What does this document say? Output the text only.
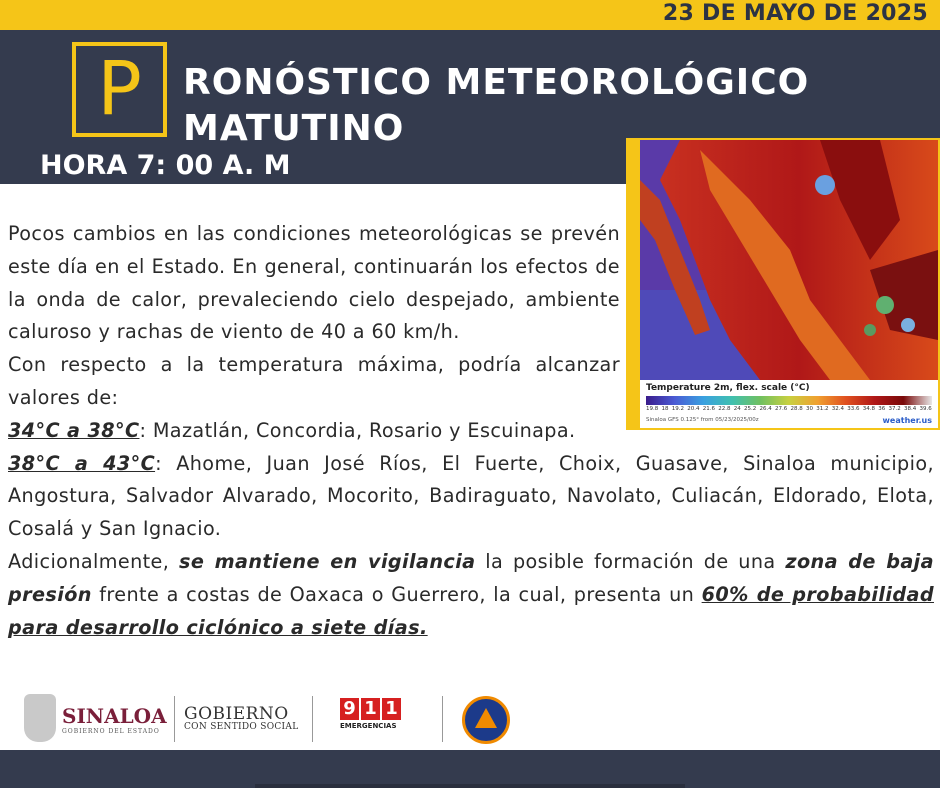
23 DE MAYO DE 2025
P	RONÓSTICO METEOROLÓGICO
MATUTINO
HORA 7: 00 A. M
Temperature 2m, flex. scale (°C)
19.8 18 19.2 20.4 21.6 22.8 24 25.2 26.4 27.6 28.8 30 31.2 32.4 33.6 34.8 36 37.2 38.4 39.6
Sinaloa GFS 0.125° from 05/23/2025/00z	weather.us

Pocos cambios en las condiciones meteorológicas se prevén este día en el Estado. En general, continuarán los efectos de la onda de calor, prevaleciendo cielo despejado, ambiente caluroso y rachas de viento de 40 a 60 km/h.

Con respecto a la temperatura máxima, podría alcanzar valores de:

34°C a 38°C: Mazatlán, Concordia, Rosario y Escuinapa.

38°C a 43°C: Ahome, Juan José Ríos, El Fuerte, Choix, Guasave, Sinaloa municipio, Angostura, Salvador Alvarado, Mocorito, Badiraguato, Navolato, Culiacán, Eldorado, Elota, Cosalá y San Ignacio.

Adicionalmente, se mantiene en vigilancia la posible formación de una zona de baja presión frente a costas de Oaxaca o Guerrero, la cual, presenta un 60% de probabilidad para desarrollo ciclónico a siete días.

SINALOA
GOBIERNO DEL ESTADO
GOBIERNO
CON SENTIDO SOCIAL
9 1 1
EMERGENCIAS
